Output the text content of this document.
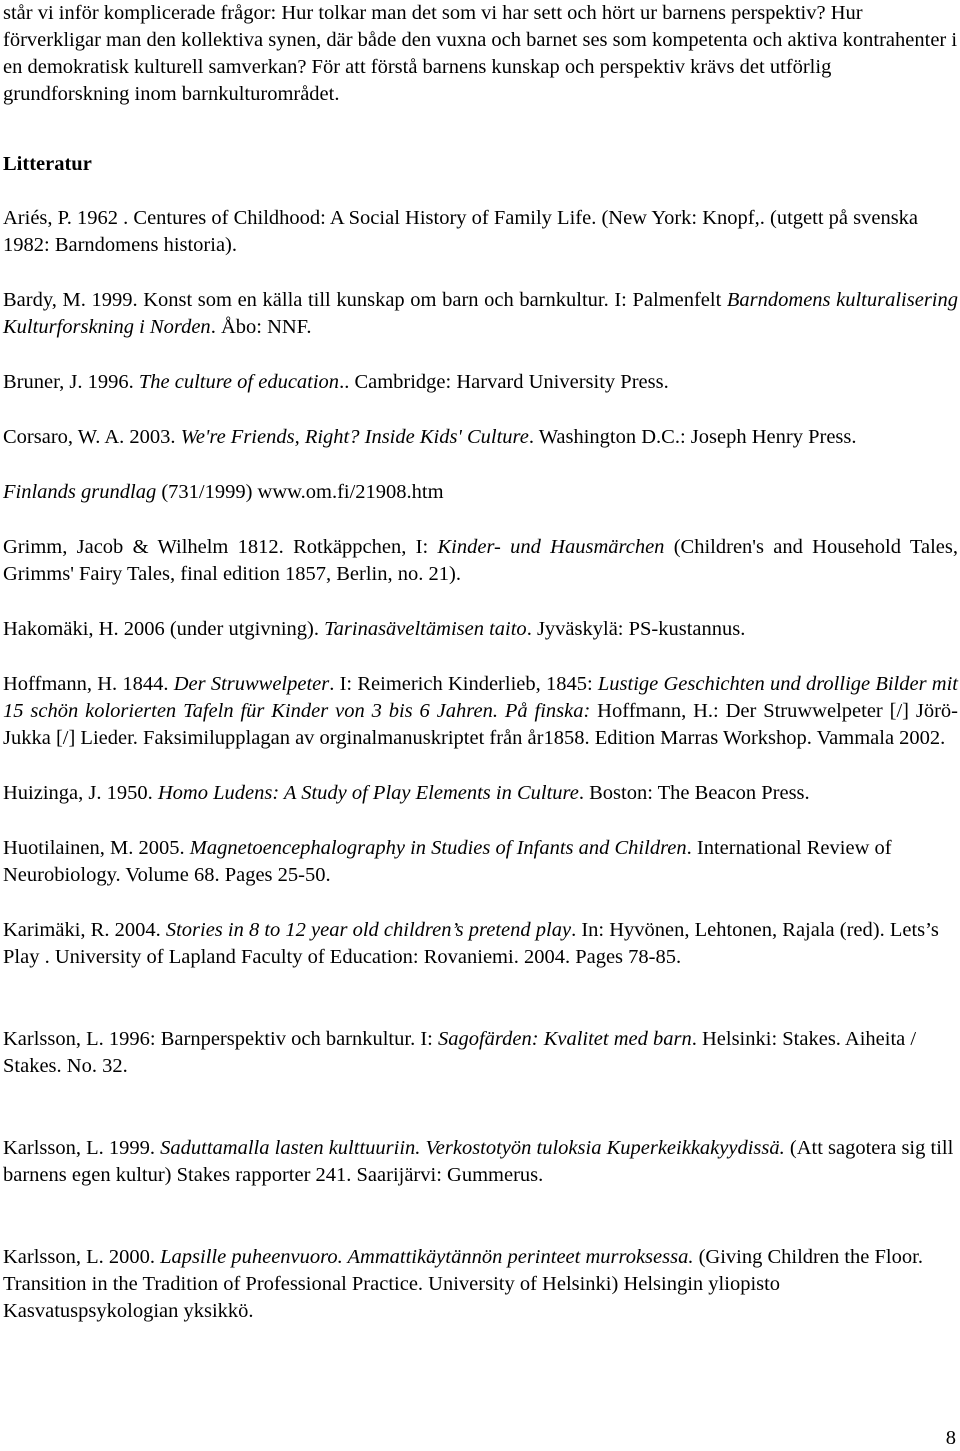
står vi inför komplicerade frågor: Hur tolkar man det som vi har sett och hört ur barnens perspektiv? Hur förverkligar man den kollektiva synen, där både den vuxna och barnet ses som kompetenta och aktiva kontrahenter i en demokratisk kulturell samverkan? För att förstå barnens kunskap och perspektiv krävs det utförlig grundforskning inom barnkulturområdet.

Litteratur

Ariés, P. 1962 . Centures of Childhood: A Social History of Family Life. (New York: Knopf,. (utgett på svenska 1982: Barndomens historia).

Bardy, M. 1999. Konst som en källa till kunskap om barn och barnkultur. I: Palmenfelt Barndomens kulturalisering Kulturforskning i Norden. Åbo: NNF.

Bruner, J. 1996. The culture of education.. Cambridge: Harvard University Press.

Corsaro, W. A. 2003. We're Friends, Right? Inside Kids' Culture. Washington D.C.: Joseph Henry Press.

Finlands grundlag (731/1999) www.om.fi/21908.htm

Grimm, Jacob & Wilhelm 1812. Rotkäppchen, I: Kinder- und Hausmärchen (Children's and Household Tales, Grimms' Fairy Tales, final edition 1857, Berlin, no. 21).

Hakomäki, H. 2006 (under utgivning). Tarinasäveltämisen taito. Jyväskylä: PS-kustannus.

Hoffmann, H. 1844. Der Struwwelpeter. I: Reimerich Kinderlieb, 1845: Lustige Geschichten und drollige Bilder mit 15 schön kolorierten Tafeln für Kinder von 3 bis 6 Jahren. På finska: Hoffmann, H.: Der Struwwelpeter [/] Jörö-Jukka [/] Lieder. Faksimilupplagan av orginalmanuskriptet från år1858. Edition Marras Workshop. Vammala 2002.

Huizinga, J. 1950. Homo Ludens: A Study of Play Elements in Culture. Boston: The Beacon Press.

Huotilainen, M. 2005. Magnetoencephalography in Studies of Infants and Children. International Review of Neurobiology. Volume 68. Pages 25-50.

Karimäki, R. 2004. Stories in 8 to 12 year old children’s pretend play. In: Hyvönen, Lehtonen, Rajala (red). Lets’s Play . University of Lapland Faculty of Education: Rovaniemi. 2004. Pages 78-85.

Karlsson, L. 1996: Barnperspektiv och barnkultur. I: Sagofärden: Kvalitet med barn. Helsinki: Stakes. Aiheita / Stakes. No. 32.

Karlsson, L. 1999. Saduttamalla lasten kulttuuriin. Verkostotyön tuloksia Kuperkeikkakyydissä. (Att sagotera sig till barnens egen kultur) Stakes rapporter 241. Saarijärvi: Gummerus.

Karlsson, L. 2000. Lapsille puheenvuoro. Ammattikäytännön perinteet murroksessa. (Giving Children the Floor. Transition in the Tradition of Professional Practice. University of Helsinki) Helsingin yliopisto Kasvatuspsykologian yksikkö.

8
